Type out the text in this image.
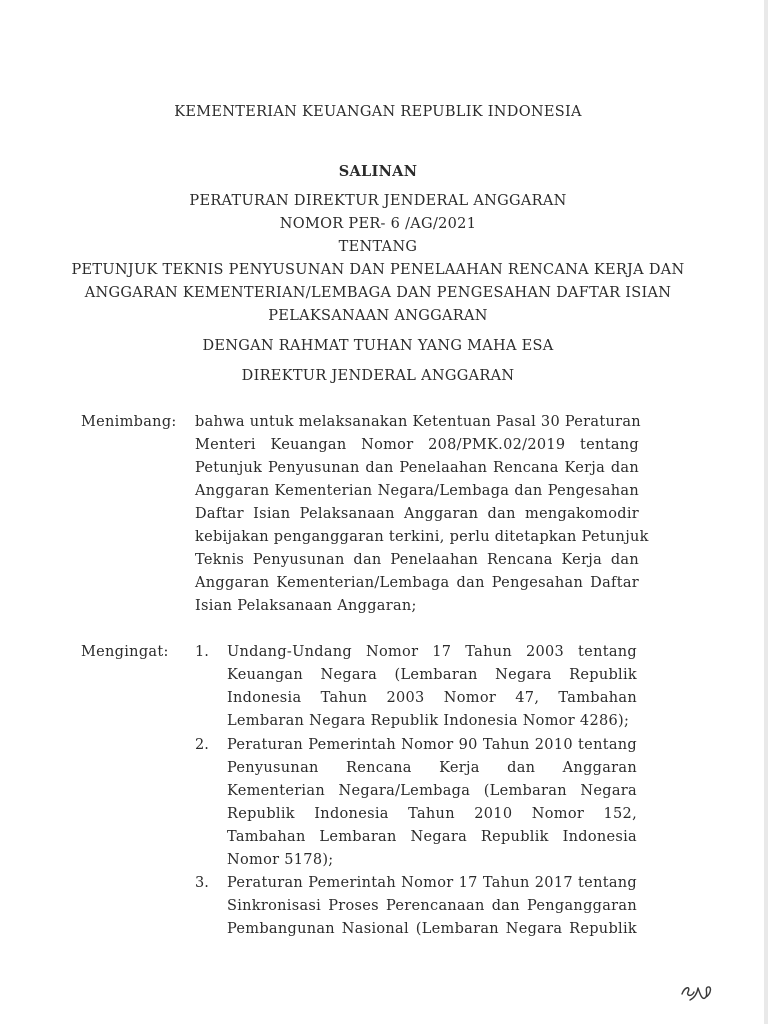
KEMENTERIAN KEUANGAN REPUBLIK INDONESIA
SALINAN
PERATURAN DIREKTUR JENDERAL ANGGARAN
NOMOR PER- 6 /AG/2021
TENTANG
PETUNJUK TEKNIS PENYUSUNAN DAN PENELAAHAN RENCANA KERJA DAN
ANGGARAN KEMENTERIAN/LEMBAGA DAN PENGESAHAN DAFTAR ISIAN
PELAKSANAAN ANGGARAN
DENGAN RAHMAT TUHAN YANG MAHA ESA
DIREKTUR JENDERAL ANGGARAN
Menimbang: bahwa untuk melaksanakan Ketentuan Pasal 30 Peraturan
Menteri Keuangan Nomor 208/PMK.02/2019 tentang
Petunjuk Penyusunan dan Penelaahan Rencana Kerja dan
Anggaran Kementerian Negara/Lembaga dan Pengesahan
Daftar Isian Pelaksanaan Anggaran dan mengakomodir
kebijakan penganggaran terkini, perlu ditetapkan Petunjuk
Teknis Penyusunan dan Penelaahan Rencana Kerja dan
Anggaran Kementerian/Lembaga dan Pengesahan Daftar
Isian Pelaksanaan Anggaran;
Mengingat: 1. Undang-Undang Nomor 17 Tahun 2003 tentang
Keuangan Negara (Lembaran Negara Republik
Indonesia Tahun 2003 Nomor 47, Tambahan
Lembaran Negara Republik Indonesia Nomor 4286);
2. Peraturan Pemerintah Nomor 90 Tahun 2010 tentang
Penyusunan Rencana Kerja dan Anggaran
Kementerian Negara/Lembaga (Lembaran Negara
Republik Indonesia Tahun 2010 Nomor 152,
Tambahan Lembaran Negara Republik Indonesia
Nomor 5178);
3. Peraturan Pemerintah Nomor 17 Tahun 2017 tentang
Sinkronisasi Proses Perencanaan dan Penganggaran
Pembangunan Nasional (Lembaran Negara Republik
